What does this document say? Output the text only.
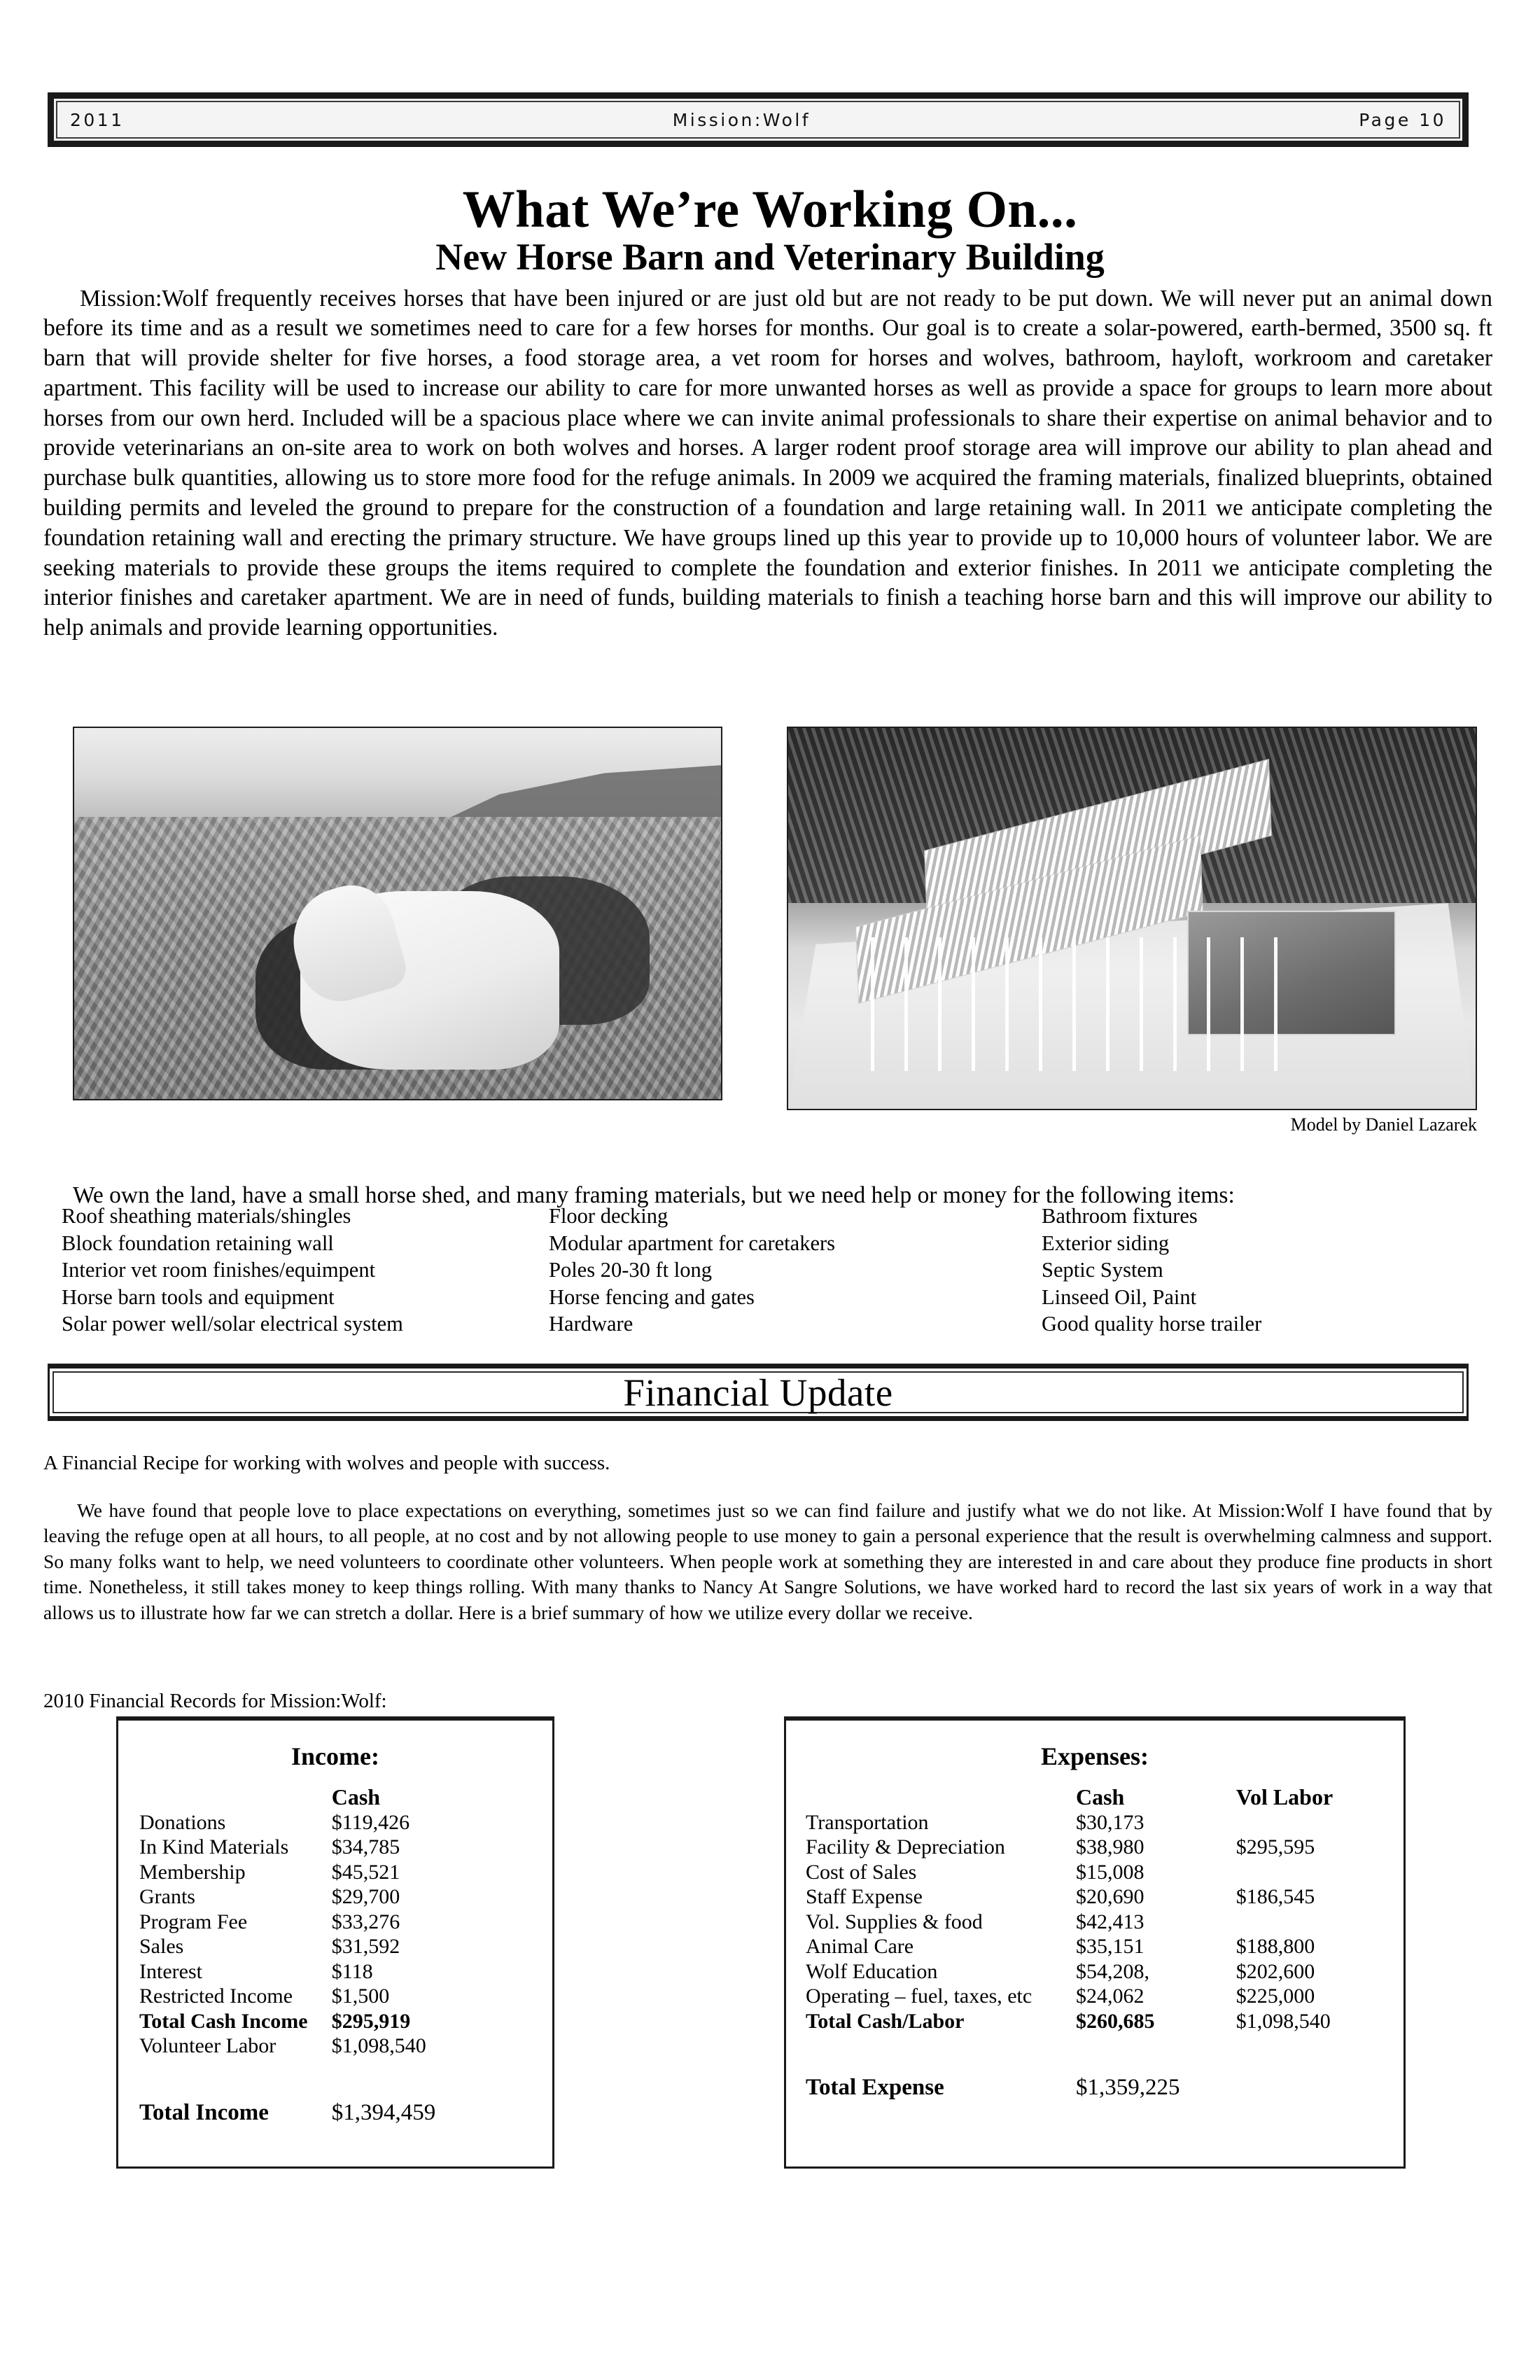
2011	Mission:Wolf	Page 10
What We’re Working On...
New Horse Barn and Veterinary Building

Mission:Wolf frequently receives horses that have been injured or are just old but are not ready to be put down. We will never put an animal down before its time and as a result we sometimes need to care for a few horses for months. Our goal is to create a solar-powered, earth-bermed, 3500 sq. ft barn that will provide shelter for five horses, a food storage area, a vet room for horses and wolves, bathroom, hayloft, workroom and caretaker apartment. This facility will be used to increase our ability to care for more unwanted horses as well as provide a space for groups to learn more about horses from our own herd. Included will be a spacious place where we can invite animal professionals to share their expertise on animal behavior and to provide veterinarians an on-site area to work on both wolves and horses. A larger rodent proof storage area will improve our ability to plan ahead and purchase bulk quantities, allowing us to store more food for the refuge animals. In 2009 we acquired the framing materials, finalized blueprints, obtained building permits and leveled the ground to prepare for the construction of a foundation and large retaining wall. In 2011 we anticipate completing the foundation retaining wall and erecting the primary structure. We have groups lined up this year to provide up to 10,000 hours of volunteer labor. We are seeking materials to provide these groups the items required to complete the foundation and exterior finishes. In 2011 we anticipate completing the interior finishes and caretaker apartment. We are in need of funds, building materials to finish a teaching horse barn and this will improve our ability to help animals and provide learning opportunities.

Model by Daniel Lazarek

We own the land, have a small horse shed, and many framing materials, but we need help or money for the following items:

Roof sheathing materials/shingles
Block foundation retaining wall
Interior vet room finishes/equimpent
Horse barn tools and equipment
Solar power well/solar electrical system
Floor decking
Modular apartment for caretakers
Poles 20-30 ft long
Horse fencing and gates
Hardware
Bathroom fixtures
Exterior siding
Septic System
Linseed Oil, Paint
Good quality horse trailer
Financial Update

A Financial Recipe for working with wolves and people with success.

We have found that people love to place expectations on everything, sometimes just so we can find failure and justify what we do not like. At Mission:Wolf I have found that by leaving the refuge open at all hours, to all people, at no cost and by not allowing people to use money to gain a personal experience that the result is overwhelming calmness and support. So many folks want to help, we need volunteers to coordinate other volunteers. When people work at something they are interested in and care about they produce fine products in short time. Nonetheless, it still takes money to keep things rolling. With many thanks to Nancy At Sangre Solutions, we have worked hard to record the last six years of work in a way that allows us to illustrate how far we can stretch a dollar. Here is a brief summary of how we utilize every dollar we receive.

2010 Financial Records for Mission:Wolf:

Income:
	Cash
Donations	$119,426
In Kind Materials	$34,785
Membership	$45,521
Grants	$29,700
Program Fee	$33,276
Sales	$31,592
Interest	$118
Restricted Income	$1,500
Total Cash Income	$295,919
Volunteer Labor	$1,098,540

Total Income	$1,394,459
Expenses:
	Cash	Vol Labor
Transportation	$30,173	
Facility & Depreciation	$38,980	$295,595
Cost of Sales	$15,008	
Staff Expense	$20,690	$186,545
Vol. Supplies & food	$42,413	
Animal Care	$35,151	$188,800
Wolf Education	$54,208,	$202,600
Operating – fuel, taxes, etc	$24,062	$225,000
Total Cash/Labor	$260,685	$1,098,540

Total Expense	$1,359,225	
